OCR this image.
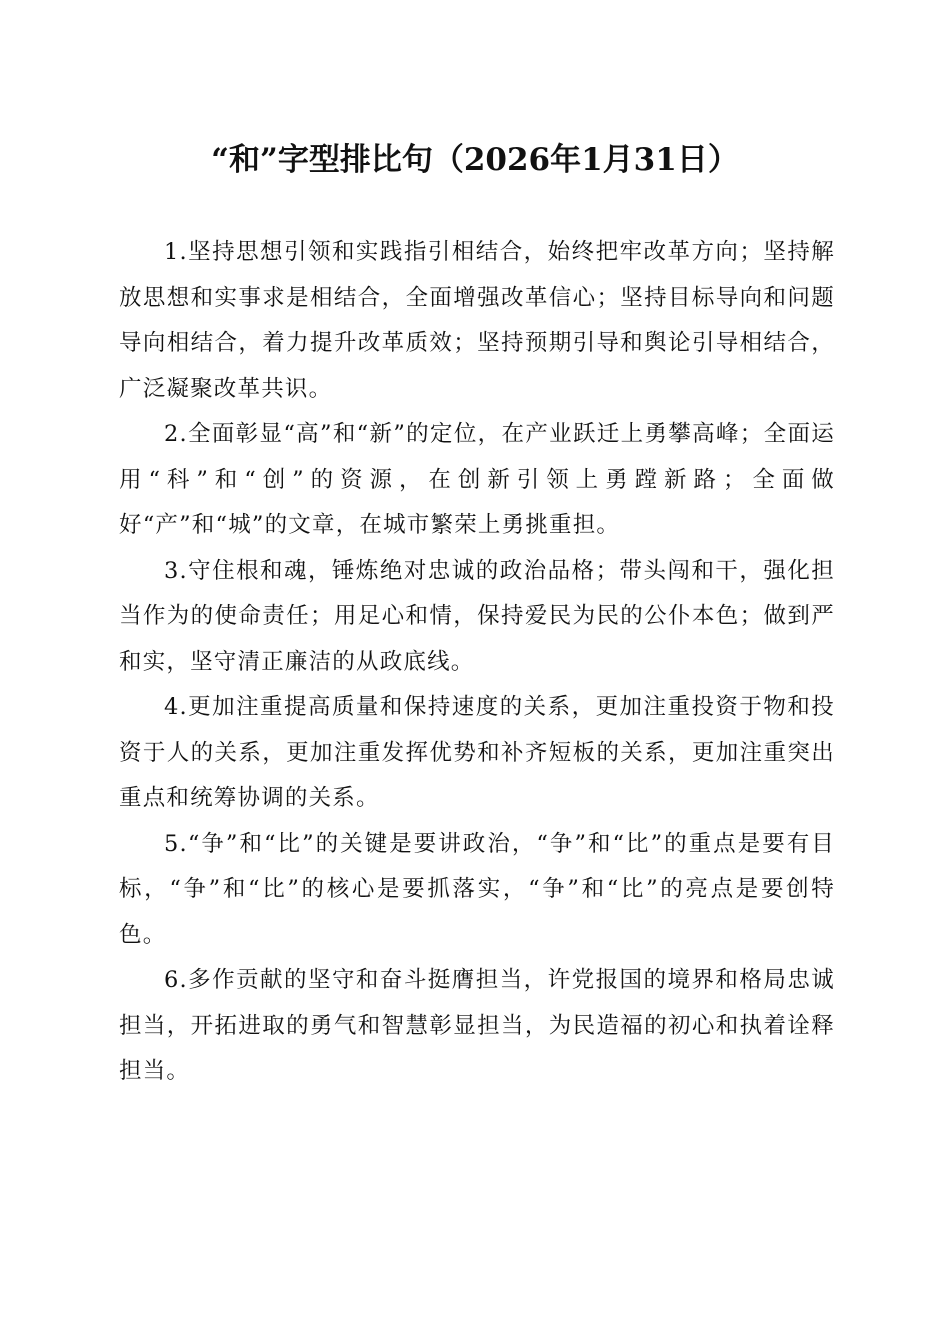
“和”字型排比句（2026年1月31日）

1.坚持思想引领和实践指引相结合，始终把牢改革方向；坚持解放思想和实事求是相结合，全面增强改革信心；坚持目标导向和问题导向相结合，着力提升改革质效；坚持预期引导和舆论引导相结合，广泛凝聚改革共识。

2.全面彰显“高”和“新”的定位，在产业跃迁上勇攀高峰；全面运用“科”和“创”的资源，在创新引领上勇蹚新路；全面做好“产”和“城”的文章，在城市繁荣上勇挑重担。

3.守住根和魂，锤炼绝对忠诚的政治品格；带头闯和干，强化担当作为的使命责任；用足心和情，保持爱民为民的公仆本色；做到严和实，坚守清正廉洁的从政底线。

4.更加注重提高质量和保持速度的关系，更加注重投资于物和投资于人的关系，更加注重发挥优势和补齐短板的关系，更加注重突出重点和统筹协调的关系。

5.“争”和“比”的关键是要讲政治，“争”和“比”的重点是要有目标，“争”和“比”的核心是要抓落实，“争”和“比”的亮点是要创特色。

6.多作贡献的坚守和奋斗挺膺担当，许党报国的境界和格局忠诚担当，开拓进取的勇气和智慧彰显担当，为民造福的初心和执着诠释担当。
